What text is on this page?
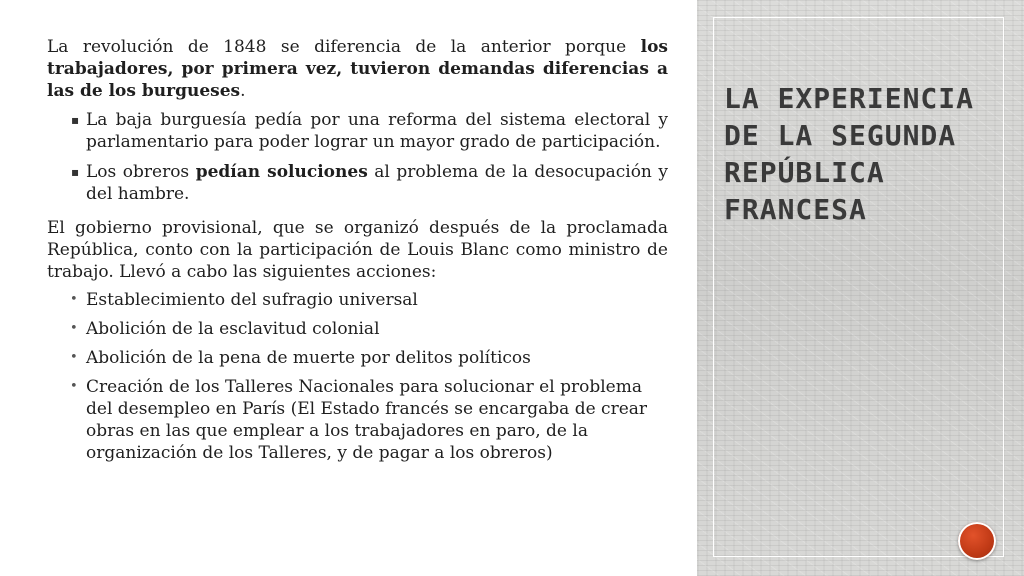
La revolución de 1848 se diferencia de la anterior porque los trabajadores, por primera vez, tuvieron demandas diferencias a las de los burgueses.

▪ La baja burguesía pedía por una reforma del sistema electoral y parlamentario para poder lograr un mayor grado de participación.
▪ Los obreros pedían soluciones al problema de la desocupación y del hambre.

El gobierno provisional, que se organizó después de la proclamada República, conto con la participación de Louis Blanc como ministro de trabajo. Llevó a cabo las siguientes acciones:

• Establecimiento del sufragio universal
• Abolición de la esclavitud colonial
• Abolición de la pena de muerte por delitos políticos
• Creación de los Talleres Nacionales para solucionar el problema del desempleo en París (El Estado francés se encargaba de crear obras en las que emplear a los trabajadores en paro, de la organización de los Talleres, y de pagar a los obreros)
LA EXPERIENCIA DE LA SEGUNDA REPÚBLICA FRANCESA
